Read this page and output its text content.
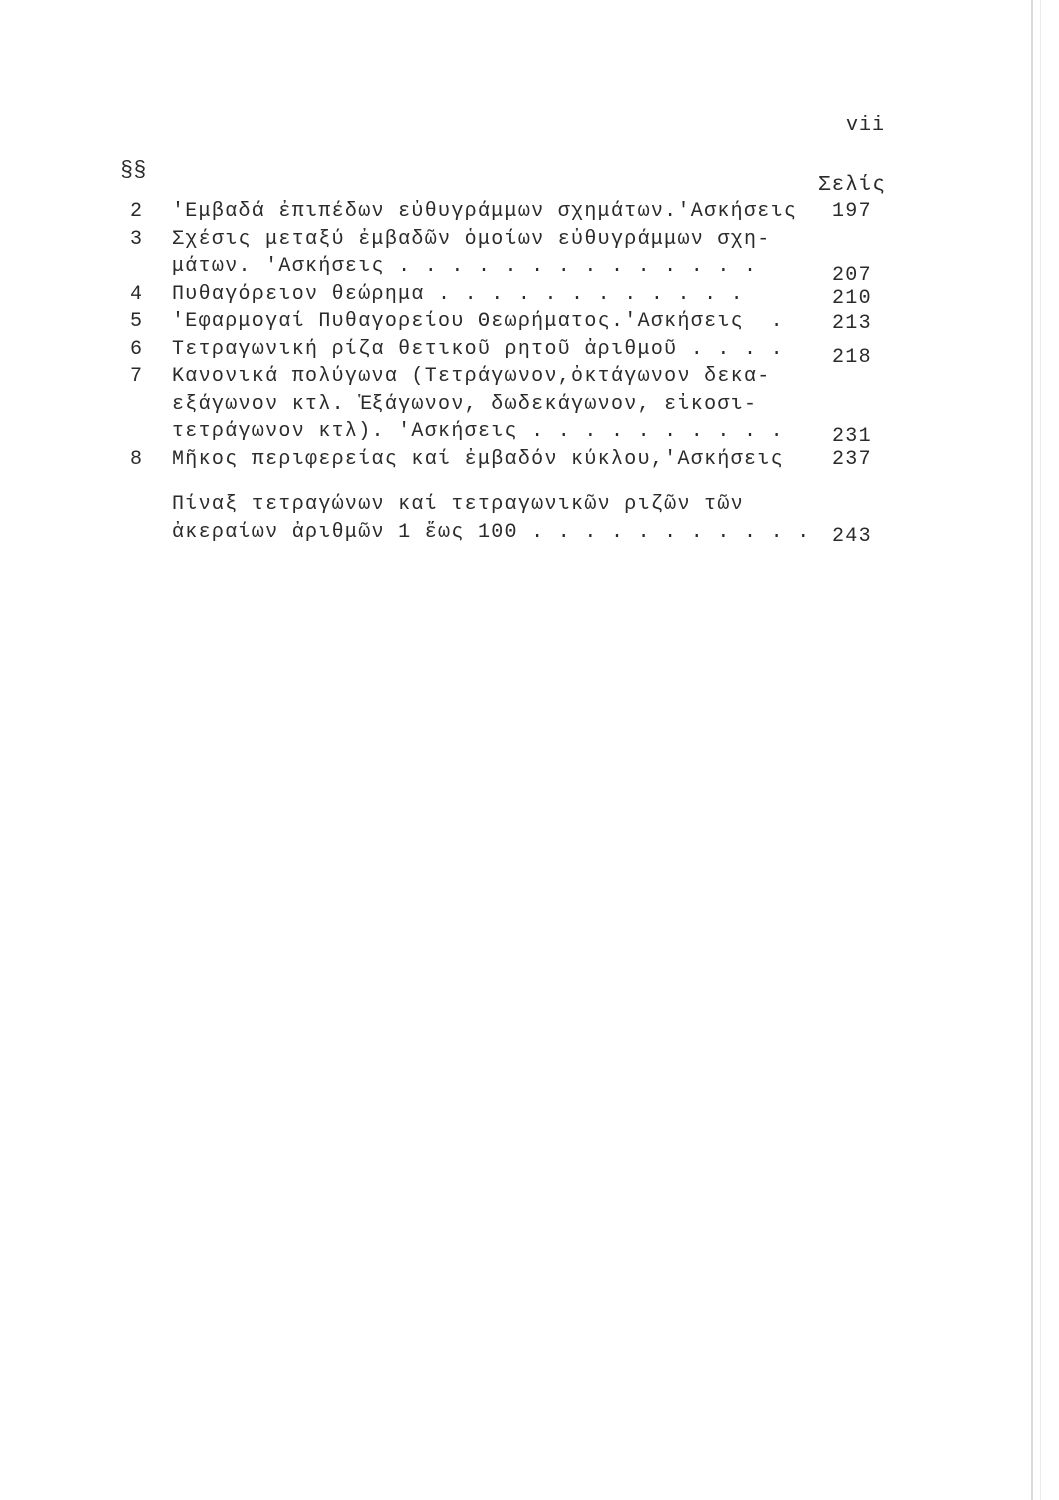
vii
§§
Σελίς
2	'Εμβαδά ἐπιπέδων εὐθυγράμμων σχημάτων.'Ασκήσεις 197
3	Σχέσις μεταξύ ἐμβαδῶν ὁμοίων εὐθυγράμμων σχη-
μάτων. 'Ασκήσεις . . . . . . . . . . . . . .	207
4	Πυθαγόρειον θεώρημα . . . . . . . . . . . .	210
5	'Εφαρμογαί Πυθαγορείου Θεωρήματος.'Ασκήσεις  .	213
6	Τετραγωνική ρίζα θετικοῦ ρητοῦ ἀριθμοῦ . . . .	218
7	Κανονικά πολύγωνα (Τετράγωνον,ὀκτάγωνον δεκα-
εξάγωνον κτλ. Ἑξάγωνον, δωδεκάγωνον, εἰκοσι-
τετράγωνον κτλ). 'Ασκήσεις . . . . . . . . . .	231
8	Μῆκος περιφερείας καί ἐμβαδόν κύκλου,'Ασκήσεις	237
Πίναξ τετραγώνων καί τετραγωνικῶν ριζῶν τῶν
ἀκεραίων ἀριθμῶν 1 ἕως 100 . . . . . . . . . . . 243
